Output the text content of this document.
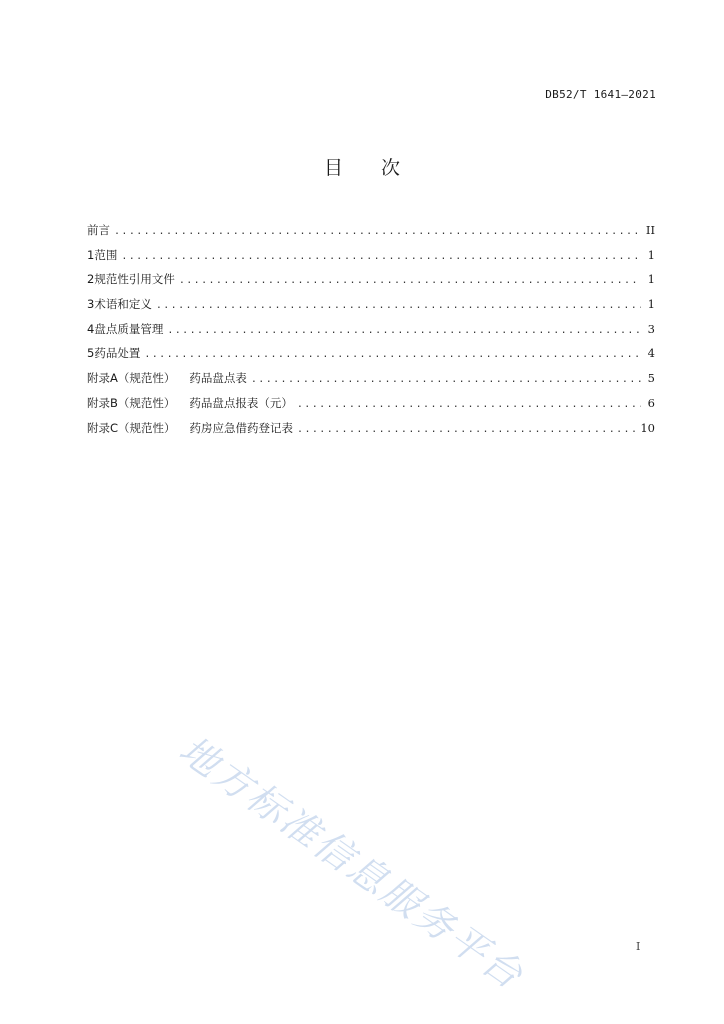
DB52/T 1641—2021
目 次
前言 .....	II
1 范围 .....	1
2 规范性引用文件 .....	1
3 术语和定义 .....	1
4 盘点质量管理 .....	3
5 药品处置 .....	4
附录A（规范性） 药品盘点表 .....	5
附录B（规范性） 药品盘点报表（元） .....	6
附录C（规范性） 药房应急借药登记表 .....	10
地方标准信息服务平台	I
